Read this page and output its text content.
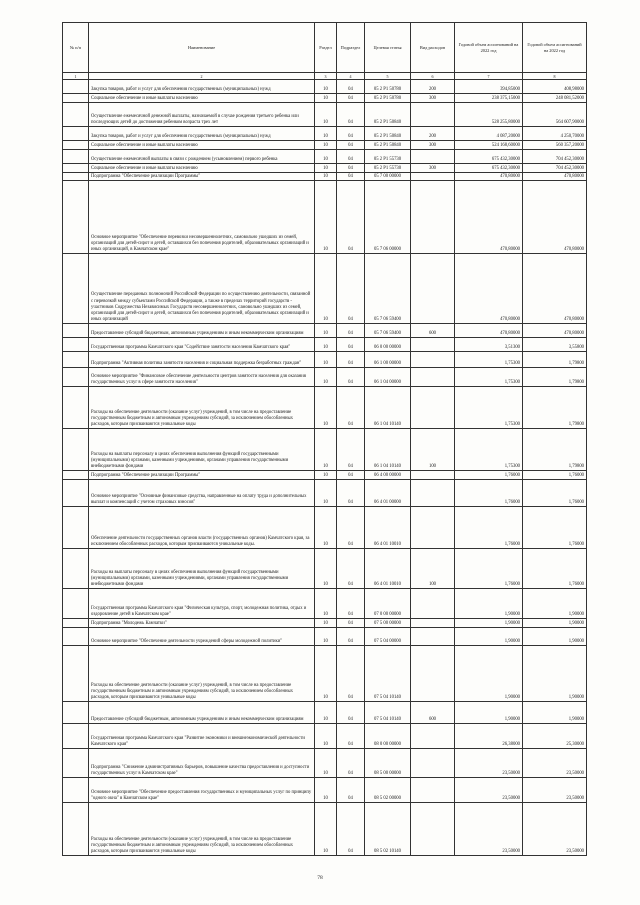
№ п/п	Наименование	Раздел	Подраздел	Целевая статья	Вид расходов	Годовой объем ассигнований на 2022 год	Годовой объем ассигнований на 2022 год
1	2	3	4	5	6	7	8
	Закупка товаров, работ и услуг для обеспечения государственных (муниципальных) нужд	10	04	05 2 P1 50780	200	394,85000	408,98000
	Социальное обеспечение и иные выплаты населению	10	04	05 2 P1 50780	300	238 375,15000	248 081,52000
	Осуществление ежемесячной денежной выплаты, назначаемой в случае рождения третьего ребенка или последующих детей до достижения ребенком возраста трех лет	10	04	05 2 P1 50840		528 255,80000	564 607,90000
	Закупка товаров, работ и услуг для обеспечения государственных (муниципальных) нужд	10	04	05 2 P1 50840	200	4 087,20000	4 250,70000
	Социальное обеспечение и иные выплаты населению	10	04	05 2 P1 50840	300	524 168,60000	560 357,20000
	Осуществление ежемесячной выплаты в связи с рождением (усыновлением) первого ребенка	10	04	05 2 P1 55730		675 432,30000	704 452,30000
	Социальное обеспечение и иные выплаты населению	10	04	05 2 P1 55730	300	675 432,30000	704 452,30000
	Подпрограмма "Обеспечение реализации Программы"	10	04	05 7 00 00000		470,80000	470,80000
	Основное мероприятие "Обеспечение перевозки несовершеннолетних, самовольно ушедших из семей, организаций для детей-сирот и детей, оставшихся без попечения родителей, образовательных организаций и иных организаций, в Камчатском крае"	10	04	05 7 06 00000		470,80000	470,80000
	Осуществление переданных полномочий Российской Федерации по осуществлению деятельности, связанной с перевозкой между субъектами Российской Федерации, а также в пределах территорий государств - участников Содружества Независимых Государств несовершеннолетних, самовольно ушедших из семей, организаций для детей-сирот и детей, оставшихся без попечения родителей, образовательных организаций и иных организаций	10	04	05 7 06 59400		470,80000	470,80000
	Предоставление субсидий бюджетным, автономным учреждениям и иным некоммерческим организациям	10	04	05 7 06 59400	600	470,80000	470,80000
	Государственная программа Камчатского края "Содействие занятости населения Камчатского края"	10	04	06 0 00 00000		3,51300	3,55800
	Подпрограмма "Активная политика занятости населения и социальная поддержка безработных граждан"	10	04	06 1 00 00000		1,75300	1,79800
	Основное мероприятие "Финансовое обеспечение деятельности центров занятости населения для оказания государственных услуг в сфере занятости населения"	10	04	06 1 04 00000		1,75300	1,79800
	Расходы на обеспечение деятельности (оказание услуг) учреждений, в том числе на предоставление государственным бюджетным и автономным учреждениям субсидий, за исключением обособленных расходов, которым присваиваются уникальные коды	10	04	06 1 04 10140		1,75300	1,79800
	Расходы на выплаты персоналу в целях обеспечения выполнения функций государственными (муниципальными) органами, казенными учреждениями, органами управления государственными внебюджетными фондами	10	04	06 1 04 10140	100	1,75300	1,79800
	Подпрограмма "Обеспечение реализации Программы"	10	04	06 4 00 00000		1,76000	1,76000
	Основное мероприятие "Основные финансовые средства, направленные на оплату труда и дополнительных выплат и компенсаций с учетом страховых взносов"	10	04	06 4 01 00000		1,76000	1,76000
	Обеспечение деятельности государственных органов власти (государственных органов) Камчатского края, за исключением обособленных расходов, которым присваиваются уникальные коды.	10	04	06 4 01 10010		1,76000	1,76000
	Расходы на выплаты персоналу в целях обеспечения выполнения функций государственными (муниципальными) органами, казенными учреждениями, органами управления государственными внебюджетными фондами	10	04	06 4 01 10010	100	1,76000	1,76000
	Государственная программа Камчатского края "Физическая культура, спорт, молодежная политика, отдых и оздоровление детей в Камчатском крае"	10	04	07 0 00 00000		1,90000	1,90000
	Подпрограмма "Молодежь Камчатки"	10	04	07 5 00 00000		1,90000	1,90000
	Основное мероприятие "Обеспечение деятельности учреждений сферы молодежной политики"	10	04	07 5 04 00000		1,90000	1,90000
	Расходы на обеспечение деятельности (оказание услуг) учреждений, в том числе на предоставление государственным бюджетным и автономным учреждениям субсидий, за исключением обособленных расходов, которым присваиваются уникальные коды	10	04	07 5 04 10140		1,90000	1,90000
	Предоставление субсидий бюджетным, автономным учреждениям и иным некоммерческим организациям	10	04	07 5 04 10140	600	1,90000	1,90000
	Государственная программа Камчатского края "Развитие экономики и внешнеэкономической деятельности Камчатского края"	10	04	08 0 00 00000		26,38000	25,30000
	Подпрограмма "Снижение административных барьеров, повышение качества предоставления и доступности государственных услуг в Камчатском крае"	10	04	08 5 00 00000		23,50000	23,50000
	Основное мероприятие "Обеспечение предоставления государственных и муниципальных услуг по принципу "одного окна" в Камчатском крае"	10	04	08 5 02 00000		23,50000	23,50000
	Расходы на обеспечение деятельности (оказание услуг) учреждений, в том числе на предоставление государственным бюджетным и автономным учреждениям субсидий, за исключением обособленных расходов, которым присваиваются уникальные коды	10	04	08 5 02 10140		23,50000	23,50000
78
